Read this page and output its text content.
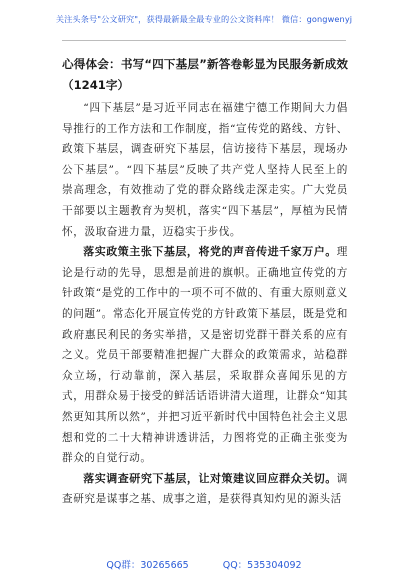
关注头条号"公文研究"，获得最新最全最专业的公文资料库！ 微信：gongwenyj

心得体会：书写“四下基层”新答卷彰显为民服务新成效（1241字）

“四下基层”是习近平同志在福建宁德工作期间大力倡导推行的工作方法和工作制度，指“宣传党的路线、方针、政策下基层，调查研究下基层，信访接待下基层，现场办公下基层”。“四下基层”反映了共产党人坚持人民至上的崇高理念，有效推动了党的群众路线走深走实。广大党员干部要以主题教育为契机，落实“四下基层”，厚植为民情怀，汲取奋进力量，迈稳实于步伐。

落实政策主张下基层，将党的声音传进千家万户。理论是行动的先导，思想是前进的旗帜。正确地宣传党的方针政策“是党的工作中的一项不可不做的、有重大原则意义的问题”。常态化开展宣传党的方针政策下基层，既是党和政府惠民利民的务实举措，又是密切党群干群关系的应有之义。党员干部要精准把握广大群众的政策需求，站稳群众立场，行动靠前，深入基层，采取群众喜闻乐见的方式，用群众易于接受的鲜活话语讲清大道理，让群众“知其然更知其所以然”，并把习近平新时代中国特色社会主义思想和党的二十大精神讲透讲活，力图将党的正确主张变为群众的自觉行动。

落实调查研究下基层，让对策建议回应群众关切。调查研究是谋事之基、成事之道，是获得真知灼见的源头活

QQ群：30265665	QQ：535304092
